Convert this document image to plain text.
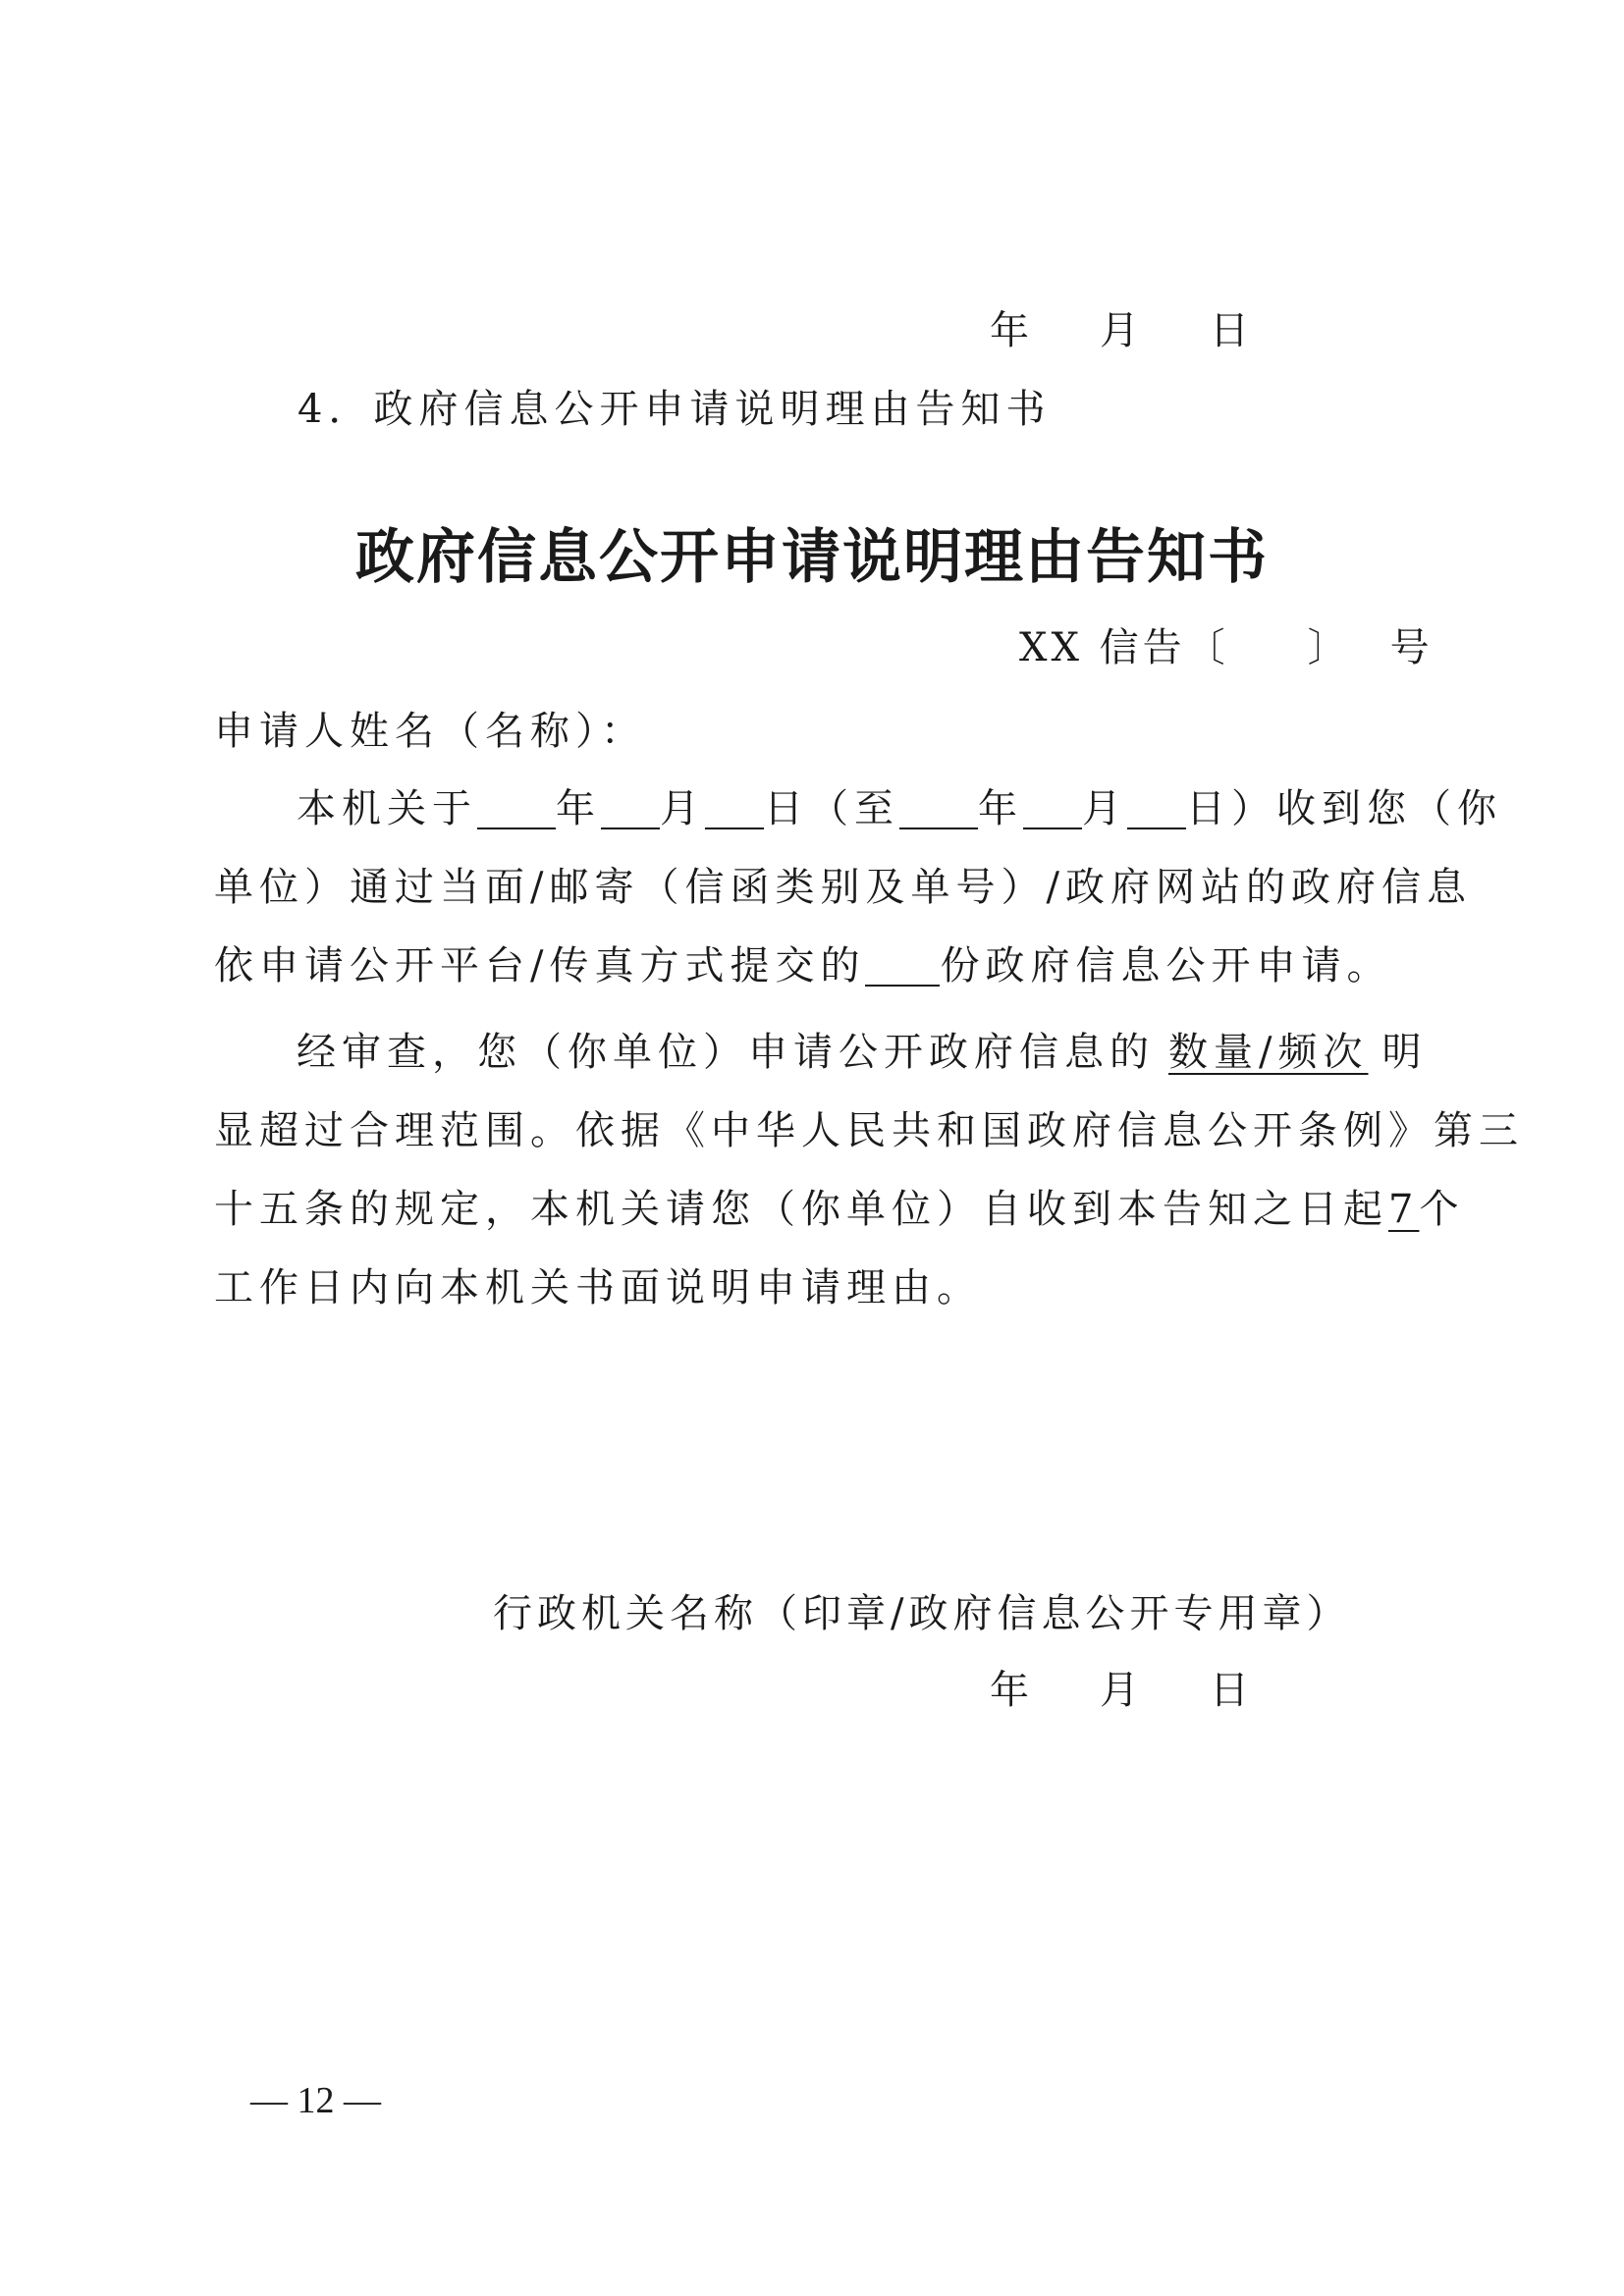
年 月 日
4．政府信息公开申请说明理由告知书
政府信息公开申请说明理由告知书
XX 信告〔 〕 号
申请人姓名（名称）：
本机关于 年 月 日（至 年 月 日）收到您（你
单位）通过当面/邮寄（信函类别及单号）/政府网站的政府信息
依申请公开平台/传真方式提交的 份政府信息公开申请。
经审查，您（你单位）申请公开政府信息的 数量/频次 明
显超过合理范围。依据《中华人民共和国政府信息公开条例》第三
十五条的规定，本机关请您（你单位）自收到本告知之日起7个
工作日内向本机关书面说明申请理由。
行政机关名称（印章/政府信息公开专用章）
年 月 日
— 12 —
